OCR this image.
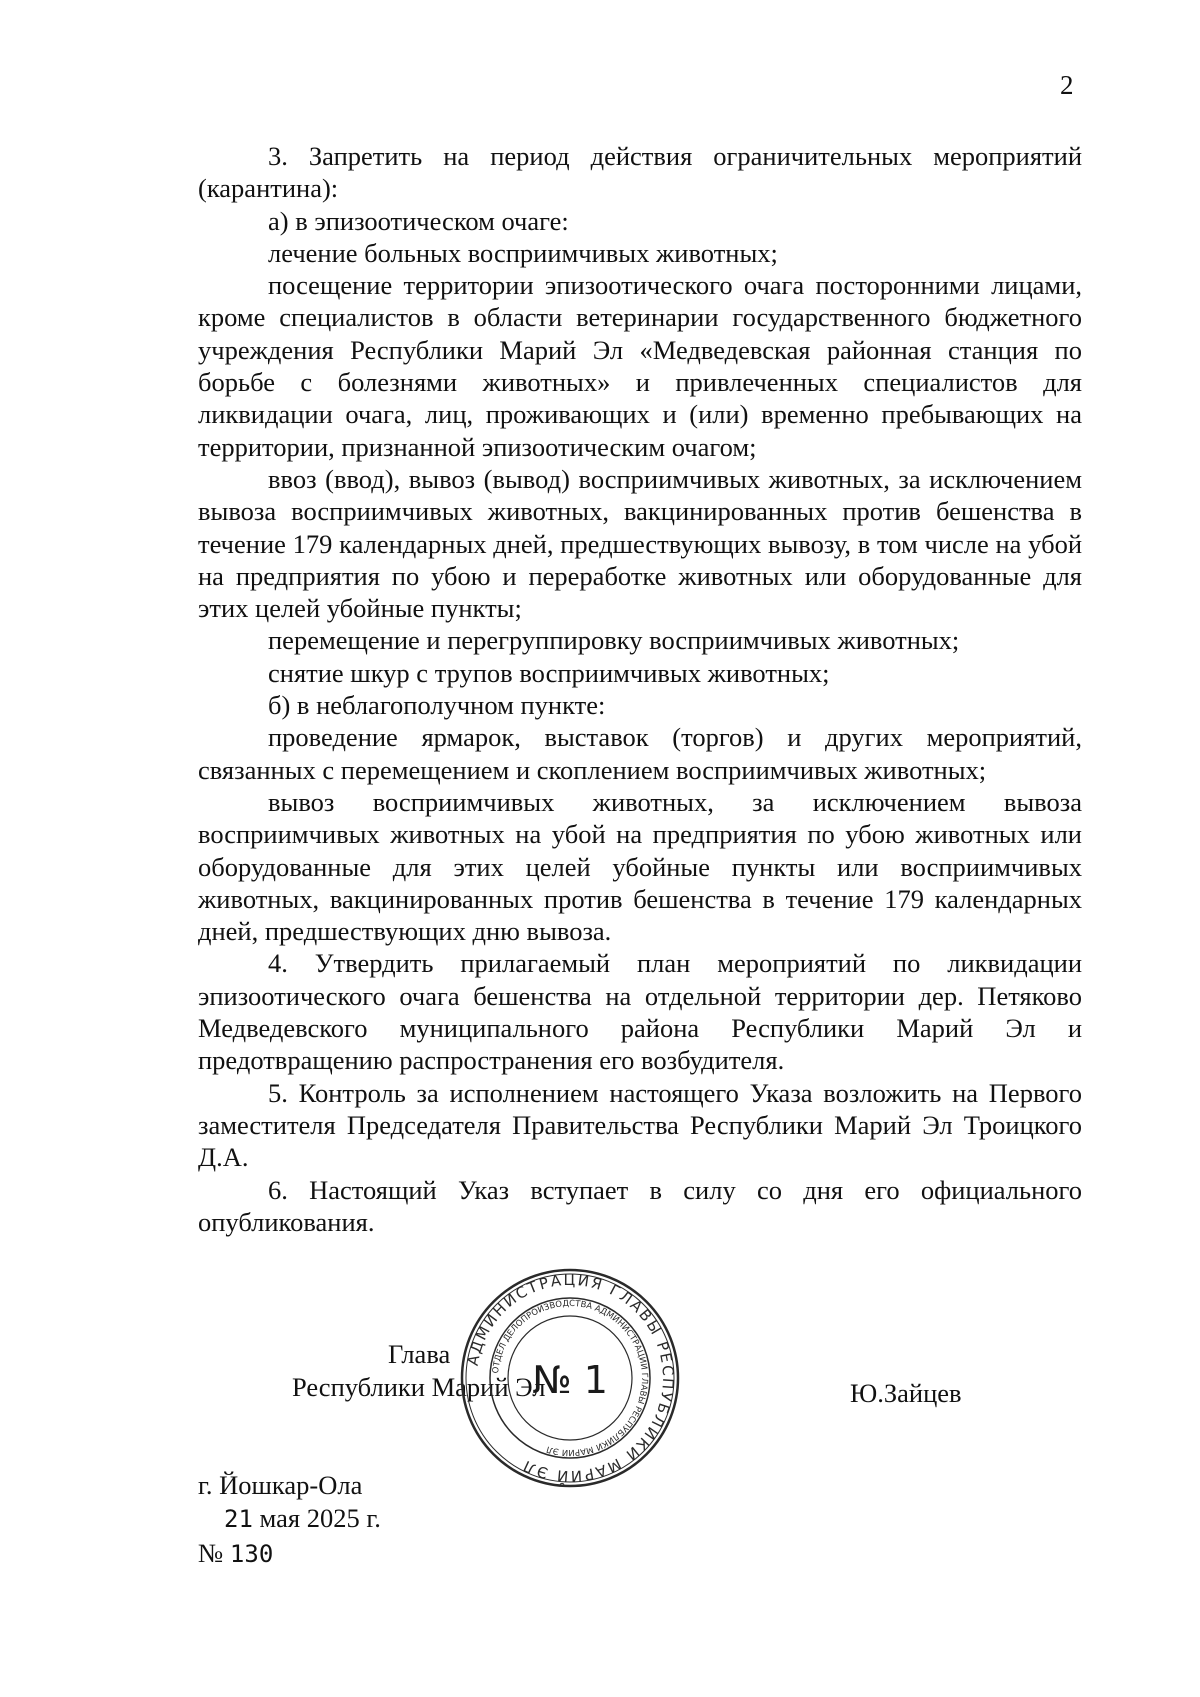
2

3. Запретить на период действия ограничительных мероприятий (карантина):

а) в эпизоотическом очаге:

лечение больных восприимчивых животных;

посещение территории эпизоотического очага посторонними лицами, кроме специалистов в области ветеринарии государственного бюджетного учреждения Республики Марий Эл «Медведевская районная станция по борьбе с болезнями животных» и привлеченных специалистов для ликвидации очага, лиц, проживающих и (или) временно пребывающих на территории, признанной эпизоотическим очагом;

ввоз (ввод), вывоз (вывод) восприимчивых животных, за исключением вывоза восприимчивых животных, вакцинированных против бешенства в течение 179 календарных дней, предшествующих вывозу, в том числе на убой на предприятия по убою и переработке животных или оборудованные для этих целей убойные пункты;

перемещение и перегруппировку восприимчивых животных;

снятие шкур с трупов восприимчивых животных;

б) в неблагополучном пункте:

проведение ярмарок, выставок (торгов) и других мероприятий, связанных с перемещением и скоплением восприимчивых животных;

вывоз восприимчивых животных, за исключением вывоза восприимчивых животных на убой на предприятия по убою животных или оборудованные для этих целей убойные пункты или восприимчивых животных, вакцинированных против бешенства в течение 179 календарных дней, предшествующих дню вывоза.

4. Утвердить прилагаемый план мероприятий по ликвидации эпизоотического очага бешенства на отдельной территории дер. Петяково Медведевского муниципального района Республики Марий Эл и предотвращению распространения его возбудителя.

5. Контроль за исполнением настоящего Указа возложить на Первого заместителя Председателя Правительства Республики Марий Эл Троицкого Д.А.

6. Настоящий Указ вступает в силу со дня его официального опубликования.

Глава
Республики Марий Эл	Ю.Зайцев
АДМИНИСТРАЦИЯ ГЛАВЫ РЕСПУБЛИКИ МАРИЙ ЭЛ
ОТДЕЛ ДЕЛОПРОИЗВОДСТВА АДМИНИСТРАЦИИ ГЛАВЫ РЕСПУБЛИКИ МАРИЙ ЭЛ
№ 1
г. Йошкар-Ола
21 мая 2025 г.
№ 130
